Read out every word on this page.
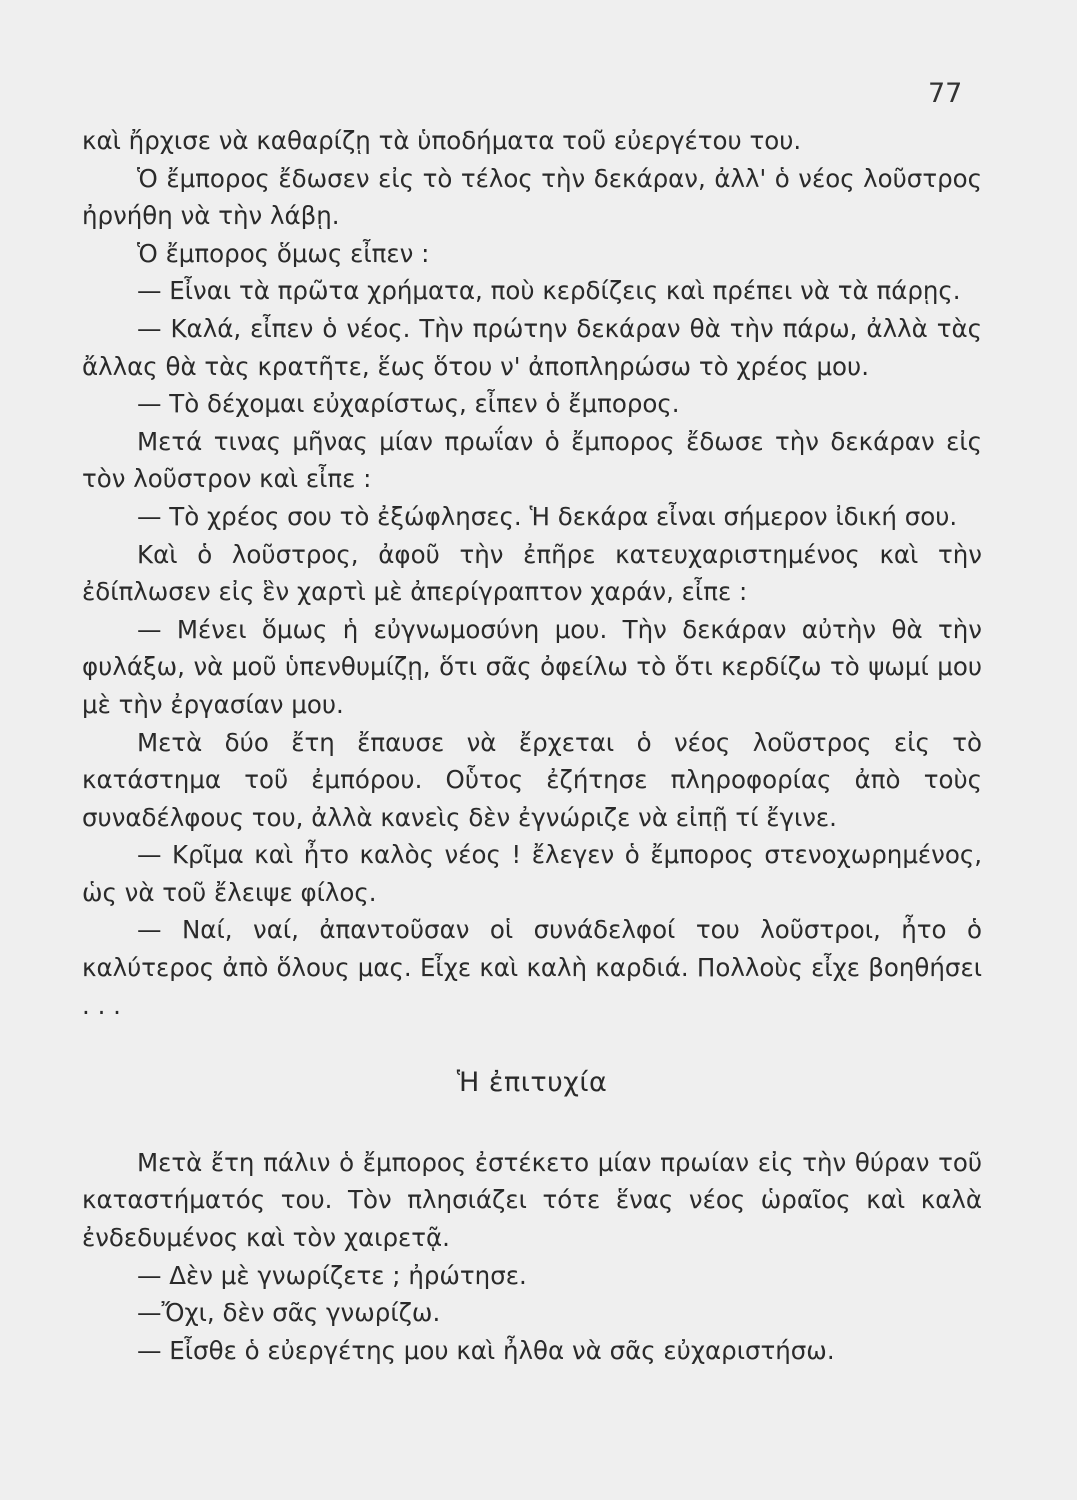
77

καὶ ἤρχισε νὰ καθαρίζῃ τὰ ὑποδήματα τοῦ εὐεργέτου του.

Ὁ ἔμπορος ἔδωσεν εἰς τὸ τέλος τὴν δεκάραν, ἀλλ' ὁ νέος λοῦστρος ἠρνήθη νὰ τὴν λάβῃ.

Ὁ ἔμπορος ὅμως εἶπεν :

— Εἶναι τὰ πρῶτα χρήματα, ποὺ κερδίζεις καὶ πρέπει νὰ τὰ πάρῃς.

— Καλά, εἶπεν ὁ νέος. Τὴν πρώτην δεκάραν θὰ τὴν πάρω, ἀλλὰ τὰς ἄλλας θὰ τὰς κρατῆτε, ἕως ὅτου ν' ἀποπληρώσω τὸ χρέος μου.

— Τὸ δέχομαι εὐχαρίστως, εἶπεν ὁ ἔμπορος.

Μετά τινας μῆνας μίαν πρωΐαν ὁ ἔμπορος ἔδωσε τὴν δεκάραν εἰς τὸν λοῦστρον καὶ εἶπε :

— Τὸ χρέος σου τὸ ἐξώφλησες. Ἡ δεκάρα εἶναι σήμερον ἰδική σου.

Καὶ ὁ λοῦστρος, ἀφοῦ τὴν ἐπῆρε κατευχαριστημένος καὶ τὴν ἐδίπλωσεν εἰς ἓν χαρτὶ μὲ ἀπερίγραπτον χαράν, εἶπε :

— Μένει ὅμως ἡ εὐγνωμοσύνη μου. Τὴν δεκάραν αὐτὴν θὰ τὴν φυλάξω, νὰ μοῦ ὑπενθυμίζῃ, ὅτι σᾶς ὀφείλω τὸ ὅτι κερδίζω τὸ ψωμί μου μὲ τὴν ἐργασίαν μου.

Μετὰ δύο ἔτη ἔπαυσε νὰ ἔρχεται ὁ νέος λοῦστρος εἰς τὸ κατάστημα τοῦ ἐμπόρου. Οὗτος ἐζήτησε πληροφορίας ἀπὸ τοὺς συναδέλφους του, ἀλλὰ κανεὶς δὲν ἐγνώριζε νὰ εἰπῇ τί ἔγινε.

— Κρῖμα καὶ ἦτο καλὸς νέος ! ἔλεγεν ὁ ἔμπορος στενοχωρημένος, ὡς νὰ τοῦ ἔλειψε φίλος.

— Ναί, ναί, ἀπαντοῦσαν οἱ συνάδελφοί του λοῦστροι, ἦτο ὁ καλύτερος ἀπὸ ὅλους μας. Εἶχε καὶ καλὴ καρδιά. Πολλοὺς εἶχε βοηθήσει . . .

Ἡ ἐπιτυχία

Μετὰ ἔτη πάλιν ὁ ἔμπορος ἐστέκετο μίαν πρωίαν εἰς τὴν θύραν τοῦ καταστήματός του. Τὸν πλησιάζει τότε ἕνας νέος ὡραῖος καὶ καλὰ ἐνδεδυμένος καὶ τὸν χαιρετᾷ.

— Δὲν μὲ γνωρίζετε ; ἠρώτησε.

—Ὄχι, δὲν σᾶς γνωρίζω.

— Εἶσθε ὁ εὐεργέτης μου καὶ ἦλθα νὰ σᾶς εὐχαριστήσω.
